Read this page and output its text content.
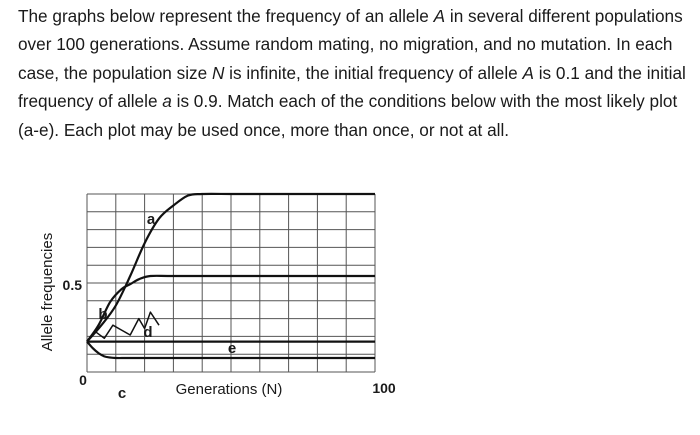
The graphs below represent the frequency of an allele A in several different populations over 100 generations. Assume random mating, no migration, and no mutation. In each case, the population size N is infinite, the initial frequency of allele A is 0.1 and the initial frequency of allele a is 0.9. Match each of the conditions below with the most likely plot (a-e). Each plot may be used once, more than once, or not at all.

Allele frequencies 0.5
0	100
Generations (N)
a
b
c
d
e
